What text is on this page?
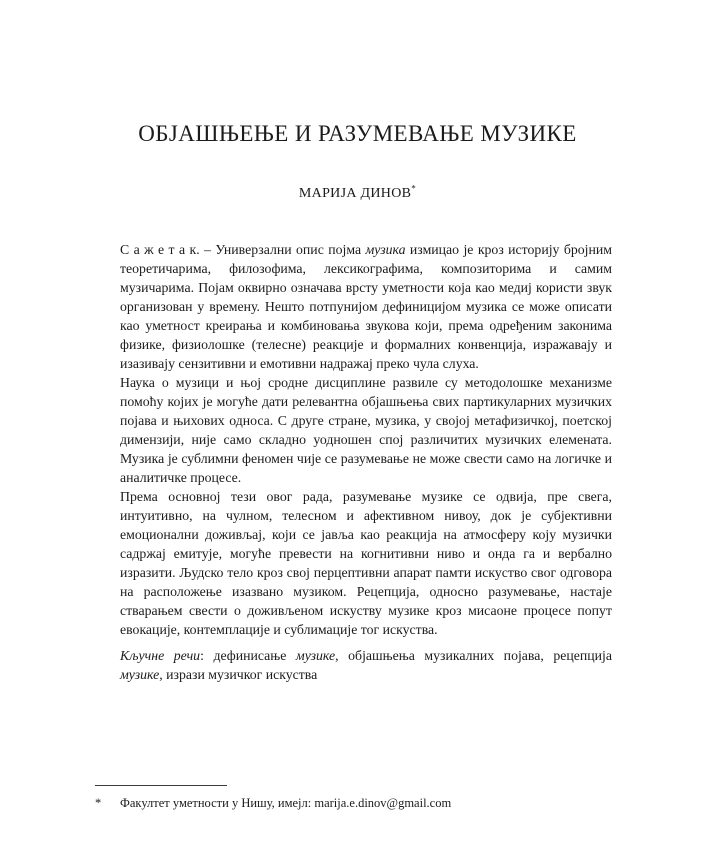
ОБЈАШЊЕЊЕ И РАЗУМЕВАЊЕ МУЗИКЕ
МАРИЈА ДИНОВ*

С а ж е т а к. – Универзални опис појма музика измицао је кроз историју бројним теоретичарима, филозофима, лексикографима, композиторима и самим музичарима. Појам оквирно означава врсту уметности која као медиј користи звук организован у времену. Нешто потпунијом дефиницијом музика се може описати као уметност креирања и комбиновања звукова који, према одређеним законима физике, физиолошке (телесне) реакције и формалних конвенција, изражавају и изазивају сензитивни и емотивни надражај преко чула слуха.

Наука о музици и њој сродне дисциплине развиле су методолошке механизме помоћу којих је могуће дати релевантна објашњења свих партикуларних музичких појава и њихових односа. С друге стране, музика, у својој метафизичкој, поетској димензији, није само складно уодношен спој различитих музичких елемената. Музика је сублимни феномен чије се разумевање не може свести само на логичке и аналитичке процесе.

Према основној тези овог рада, разумевање музике се одвија, пре свега, интуитивно, на чулном, телесном и афективном нивоу, док је субјективни емоционални доживљај, који се јавља као реакција на атмосферу коју музички садржај емитује, могуће превести на когнитивни ниво и онда га и вербално изразити. Људско тело кроз свој перцептивни апарат памти искуство свог одговора на расположење изазвано музиком. Рецепција, односно разумевање, настаје стварањем свести о доживљеном искуству музике кроз мисаоне процесе попут евокације, контемплације и сублимације тог искуства.

Кључне речи: дефинисање музике, објашњења музикалних појава, рецепција музике, изрази музичког искуства

*	Факултет уметности у Нишу, имејл: marija.e.dinov@gmail.com
